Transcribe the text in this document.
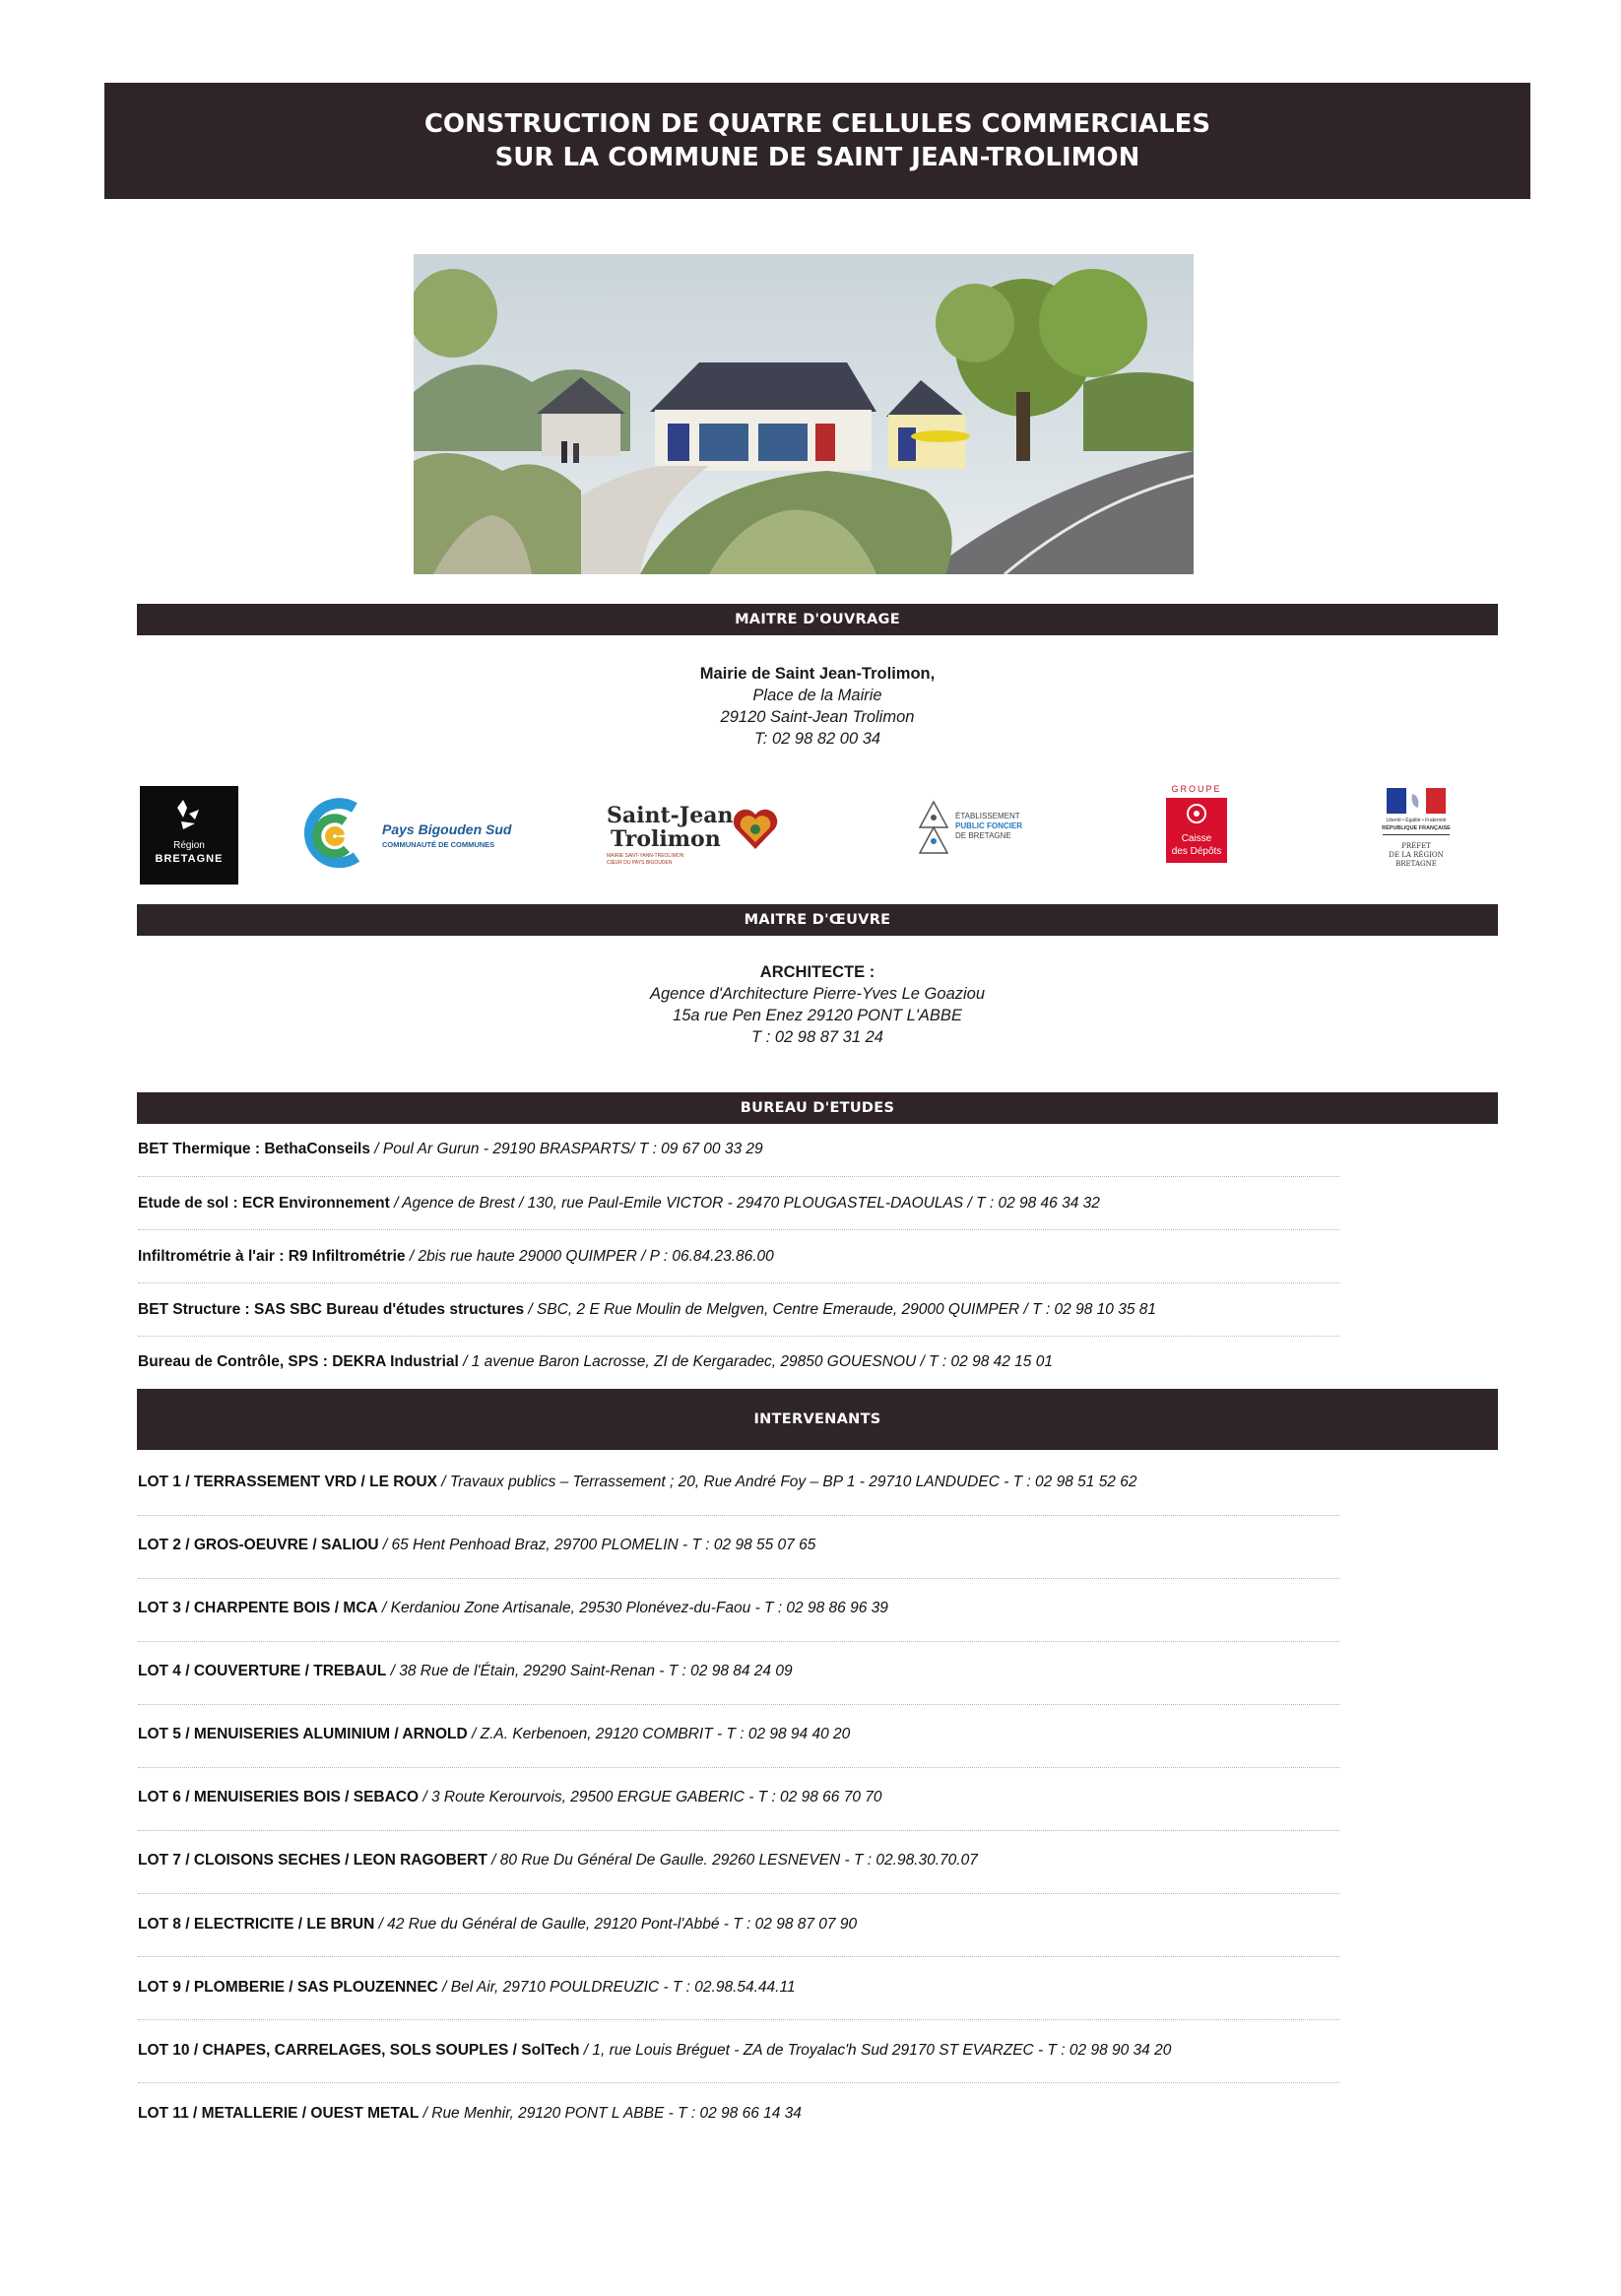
CONSTRUCTION DE QUATRE CELLULES COMMERCIALES
SUR LA COMMUNE DE SAINT JEAN-TROLIMON
MAITRE D'OUVRAGE
Mairie de Saint Jean-Trolimon,
Place de la Mairie
29120 Saint-Jean Trolimon
T: 02 98 82 00 34
Région
BRETAGNE
Pays Bigouden Sud
COMMUNAUTÉ DE COMMUNES
Saint-Jean
Trolimon
MAIRIE SANT-YANN-TREOLIMON
CŒUR DU PAYS BIGOUDEN
ÉTABLISSEMENT
PUBLIC FONCIER
DE BRETAGNE
GROUPE
Caisse
des Dépôts
Liberté • Égalité • Fraternité
RÉPUBLIQUE FRANÇAISE
PRÉFET
DE LA RÉGION
BRETAGNE
MAITRE D'ŒUVRE
ARCHITECTE :
Agence d'Architecture Pierre-Yves Le Goaziou
15a rue Pen Enez 29120 PONT L'ABBE
T : 02 98 87 31 24
BUREAU D'ETUDES
BET Thermique : BethaConseils / Poul Ar Gurun - 29190 BRASPARTS/ T : 09 67 00 33 29
Etude de sol : ECR Environnement / Agence de Brest / 130, rue Paul-Emile VICTOR - 29470 PLOUGASTEL-DAOULAS / T : 02 98 46 34 32
Infiltrométrie à l'air : R9 Infiltrométrie / 2bis rue haute 29000 QUIMPER / P : 06.84.23.86.00
BET Structure : SAS SBC Bureau d'études structures / SBC, 2 E Rue Moulin de Melgven, Centre Emeraude, 29000 QUIMPER / T : 02 98 10 35 81
Bureau de Contrôle, SPS : DEKRA Industrial / 1 avenue Baron Lacrosse, ZI de Kergaradec, 29850 GOUESNOU / T : 02 98 42 15 01
INTERVENANTS
LOT 1 / TERRASSEMENT VRD / LE ROUX / Travaux publics – Terrassement ; 20, Rue André Foy – BP 1 - 29710 LANDUDEC - T : 02 98 51 52 62
LOT 2 / GROS-OEUVRE / SALIOU / 65 Hent Penhoad Braz, 29700 PLOMELIN - T : 02 98 55 07 65
LOT 3 / CHARPENTE BOIS / MCA / Kerdaniou Zone Artisanale, 29530 Plonévez-du-Faou - T : 02 98 86 96 39
LOT 4 / COUVERTURE / TREBAUL / 38 Rue de l'Étain, 29290 Saint-Renan - T : 02 98 84 24 09
LOT 5 / MENUISERIES ALUMINIUM / ARNOLD / Z.A. Kerbenoen, 29120 COMBRIT - T : 02 98 94 40 20
LOT 6 / MENUISERIES BOIS / SEBACO / 3 Route Kerourvois, 29500 ERGUE GABERIC - T : 02 98 66 70 70
LOT 7 / CLOISONS SECHES / LEON RAGOBERT / 80 Rue Du Général De Gaulle. 29260 LESNEVEN - T : 02.98.30.70.07
LOT 8 / ELECTRICITE / LE BRUN / 42 Rue du Général de Gaulle, 29120 Pont-l'Abbé - T : 02 98 87 07 90
LOT 9 / PLOMBERIE / SAS PLOUZENNEC / Bel Air, 29710 POULDREUZIC - T : 02.98.54.44.11
LOT 10 / CHAPES, CARRELAGES, SOLS SOUPLES / SolTech / 1, rue Louis Bréguet - ZA de Troyalac'h Sud 29170 ST EVARZEC - T : 02 98 90 34 20
LOT 11 / METALLERIE / OUEST METAL / Rue Menhir, 29120 PONT L ABBE - T : 02 98 66 14 34
